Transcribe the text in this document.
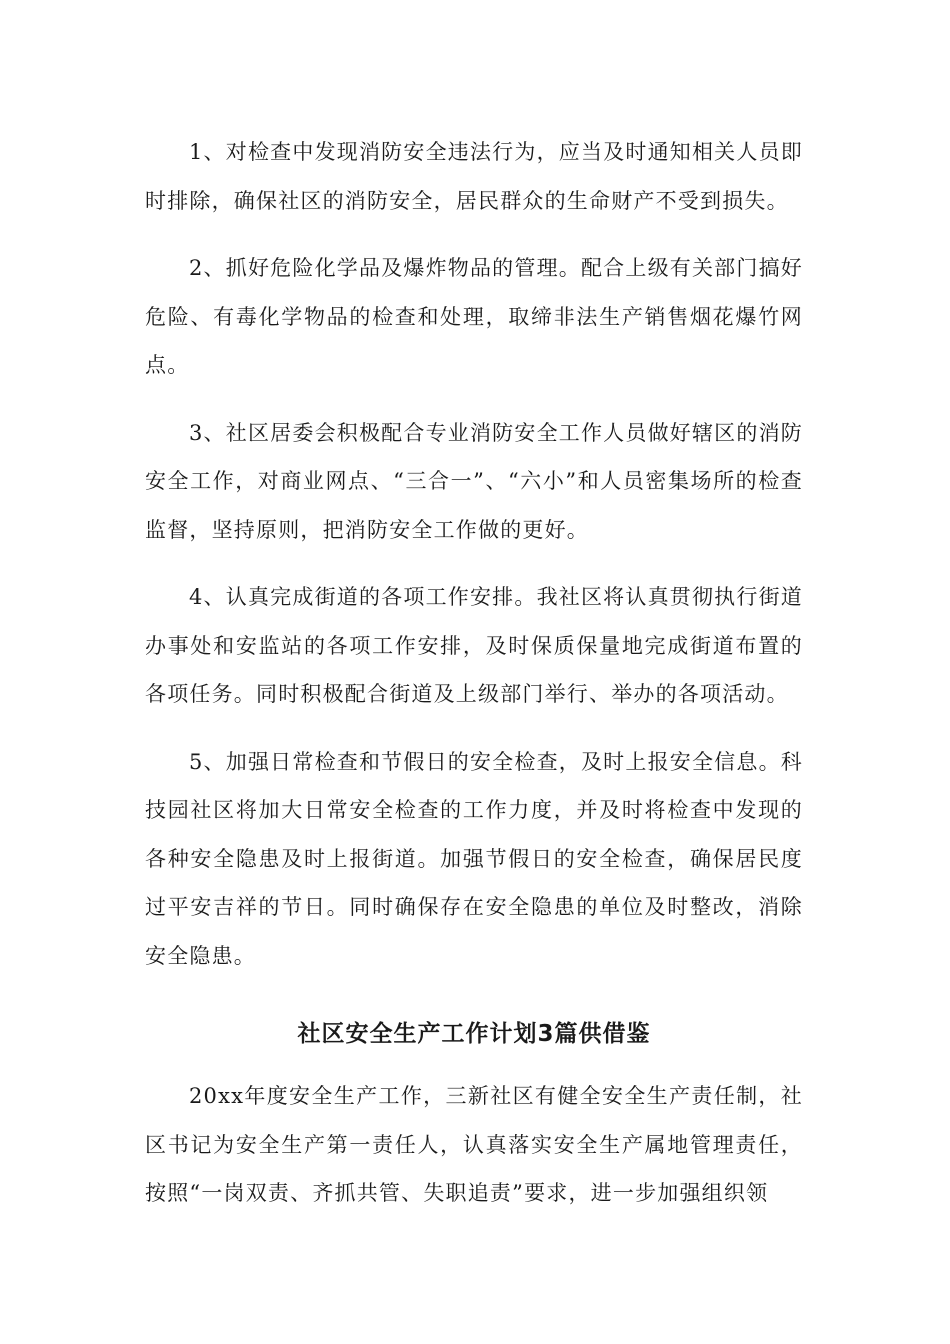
1、对检查中发现消防安全违法行为，应当及时通知相关人员即时排除，确保社区的消防安全，居民群众的生命财产不受到损失。

2、抓好危险化学品及爆炸物品的管理。配合上级有关部门搞好危险、有毒化学物品的检查和处理，取缔非法生产销售烟花爆竹网点。

3、社区居委会积极配合专业消防安全工作人员做好辖区的消防安全工作，对商业网点、“三合一”、“六小”和人员密集场所的检查监督，坚持原则，把消防安全工作做的更好。

4、认真完成街道的各项工作安排。我社区将认真贯彻执行街道办事处和安监站的各项工作安排，及时保质保量地完成街道布置的各项任务。同时积极配合街道及上级部门举行、举办的各项活动。

5、加强日常检查和节假日的安全检查，及时上报安全信息。科技园社区将加大日常安全检查的工作力度，并及时将检查中发现的各种安全隐患及时上报街道。加强节假日的安全检查，确保居民度过平安吉祥的节日。同时确保存在安全隐患的单位及时整改，消除安全隐患。

社区安全生产工作计划3篇供借鉴

20xx年度安全生产工作，三新社区有健全安全生产责任制，社区书记为安全生产第一责任人，认真落实安全生产属地管理责任，按照“一岗双责、齐抓共管、失职追责”要求，进一步加强组织领
